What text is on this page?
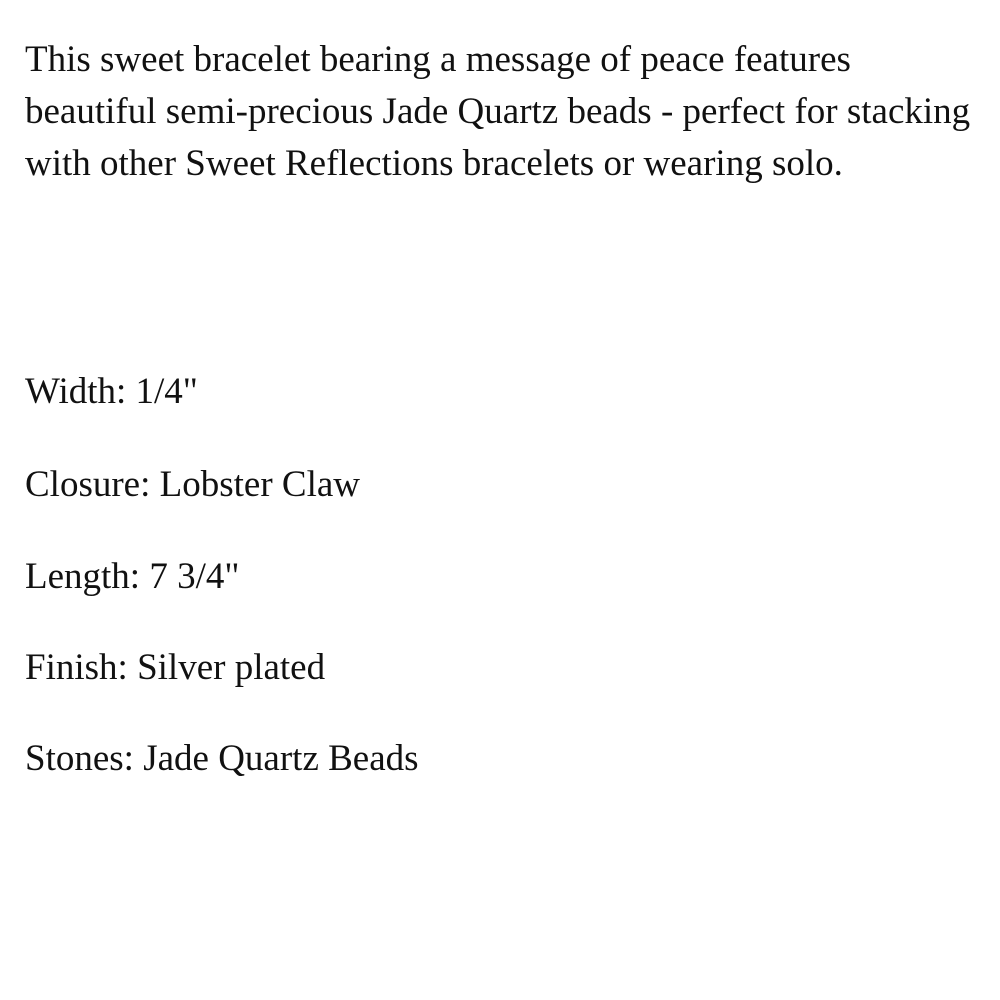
This sweet bracelet bearing a message of peace features beautiful semi-precious Jade Quartz beads - perfect for stacking with other Sweet Reflections bracelets or wearing solo.

Width: 1/4"

Closure: Lobster Claw

Length: 7 3/4"

Finish: Silver plated

Stones: Jade Quartz Beads
